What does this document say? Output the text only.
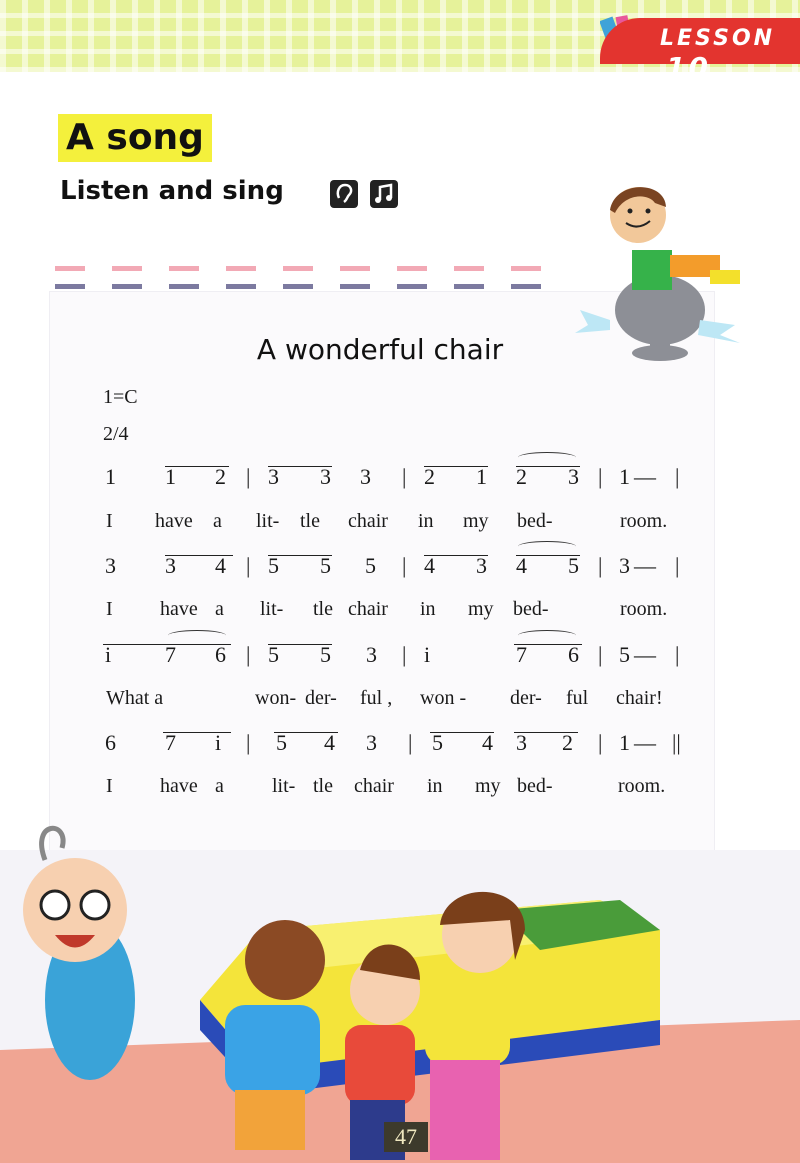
LESSON 10
A song
Listen and sing
A wonderful chair
1=C
2/4
1 1 2 | 3 3 3 | 2 1 2 3 | 1 — |
I have a lit- tle chair in my bed-	room.
3 3 4 | 5 5 5 | 4 3 4 5 | 3 — |
I have a lit- tle chair in my bed-	room.
i 7 6 | 5 5 3 | i	7 6 | 5 — |
What a	won- der- ful , won - der- ful chair!
6 7 i | 5 4 3 | 5 4 3 2 | 1 — ||
I have a lit- tle chair in my bed-	room.
47
